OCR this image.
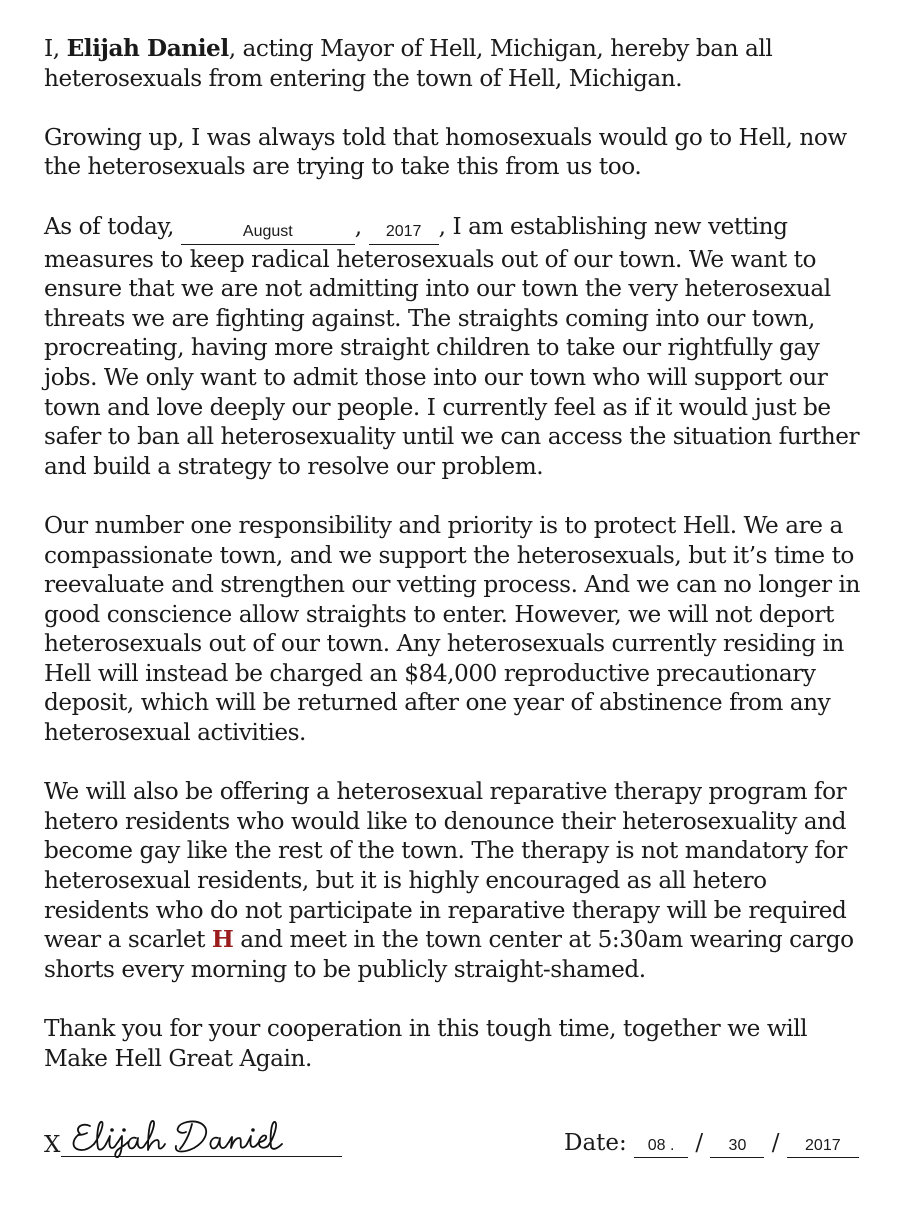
I, Elijah Daniel, acting Mayor of Hell, Michigan, hereby ban all heterosexuals from entering the town of Hell, Michigan.

Growing up, I was always told that homosexuals would go to Hell, now the heterosexuals are trying to take this from us too.

As of today,	August	, 2017 , I am establishing new vetting measures to keep radical heterosexuals out of our town. We want to ensure that we are not admitting into our town the very heterosexual threats we are fighting against. The straights coming into our town, procreating, having more straight children to take our rightfully gay jobs. We only want to admit those into our town who will support our town and love deeply our people. I currently feel as if it would just be safer to ban all heterosexuality until we can access the situation further and build a strategy to resolve our problem.

Our number one responsibility and priority is to protect Hell. We are a compassionate town, and we support the heterosexuals, but it’s time to reevaluate and strengthen our vetting process. And we can no longer in good conscience allow straights to enter. However, we will not deport heterosexuals out of our town. Any heterosexuals currently residing in Hell will instead be charged an $84,000 reproductive precautionary deposit, which will be returned after one year of abstinence from any heterosexual activities.

We will also be offering a heterosexual reparative therapy program for hetero residents who would like to denounce their heterosexuality and become gay like the rest of the town. The therapy is not mandatory for heterosexual residents, but it is highly encouraged as all hetero residents who do not participate in reparative therapy will be required wear a scarlet H and meet in the town center at 5:30am wearing cargo shorts every morning to be publicly straight-shamed.

Thank you for your cooperation in this tough time, together we will Make Hell Great Again.

X
Elijah Daniel
Date: 08 . / 30 / 2017
